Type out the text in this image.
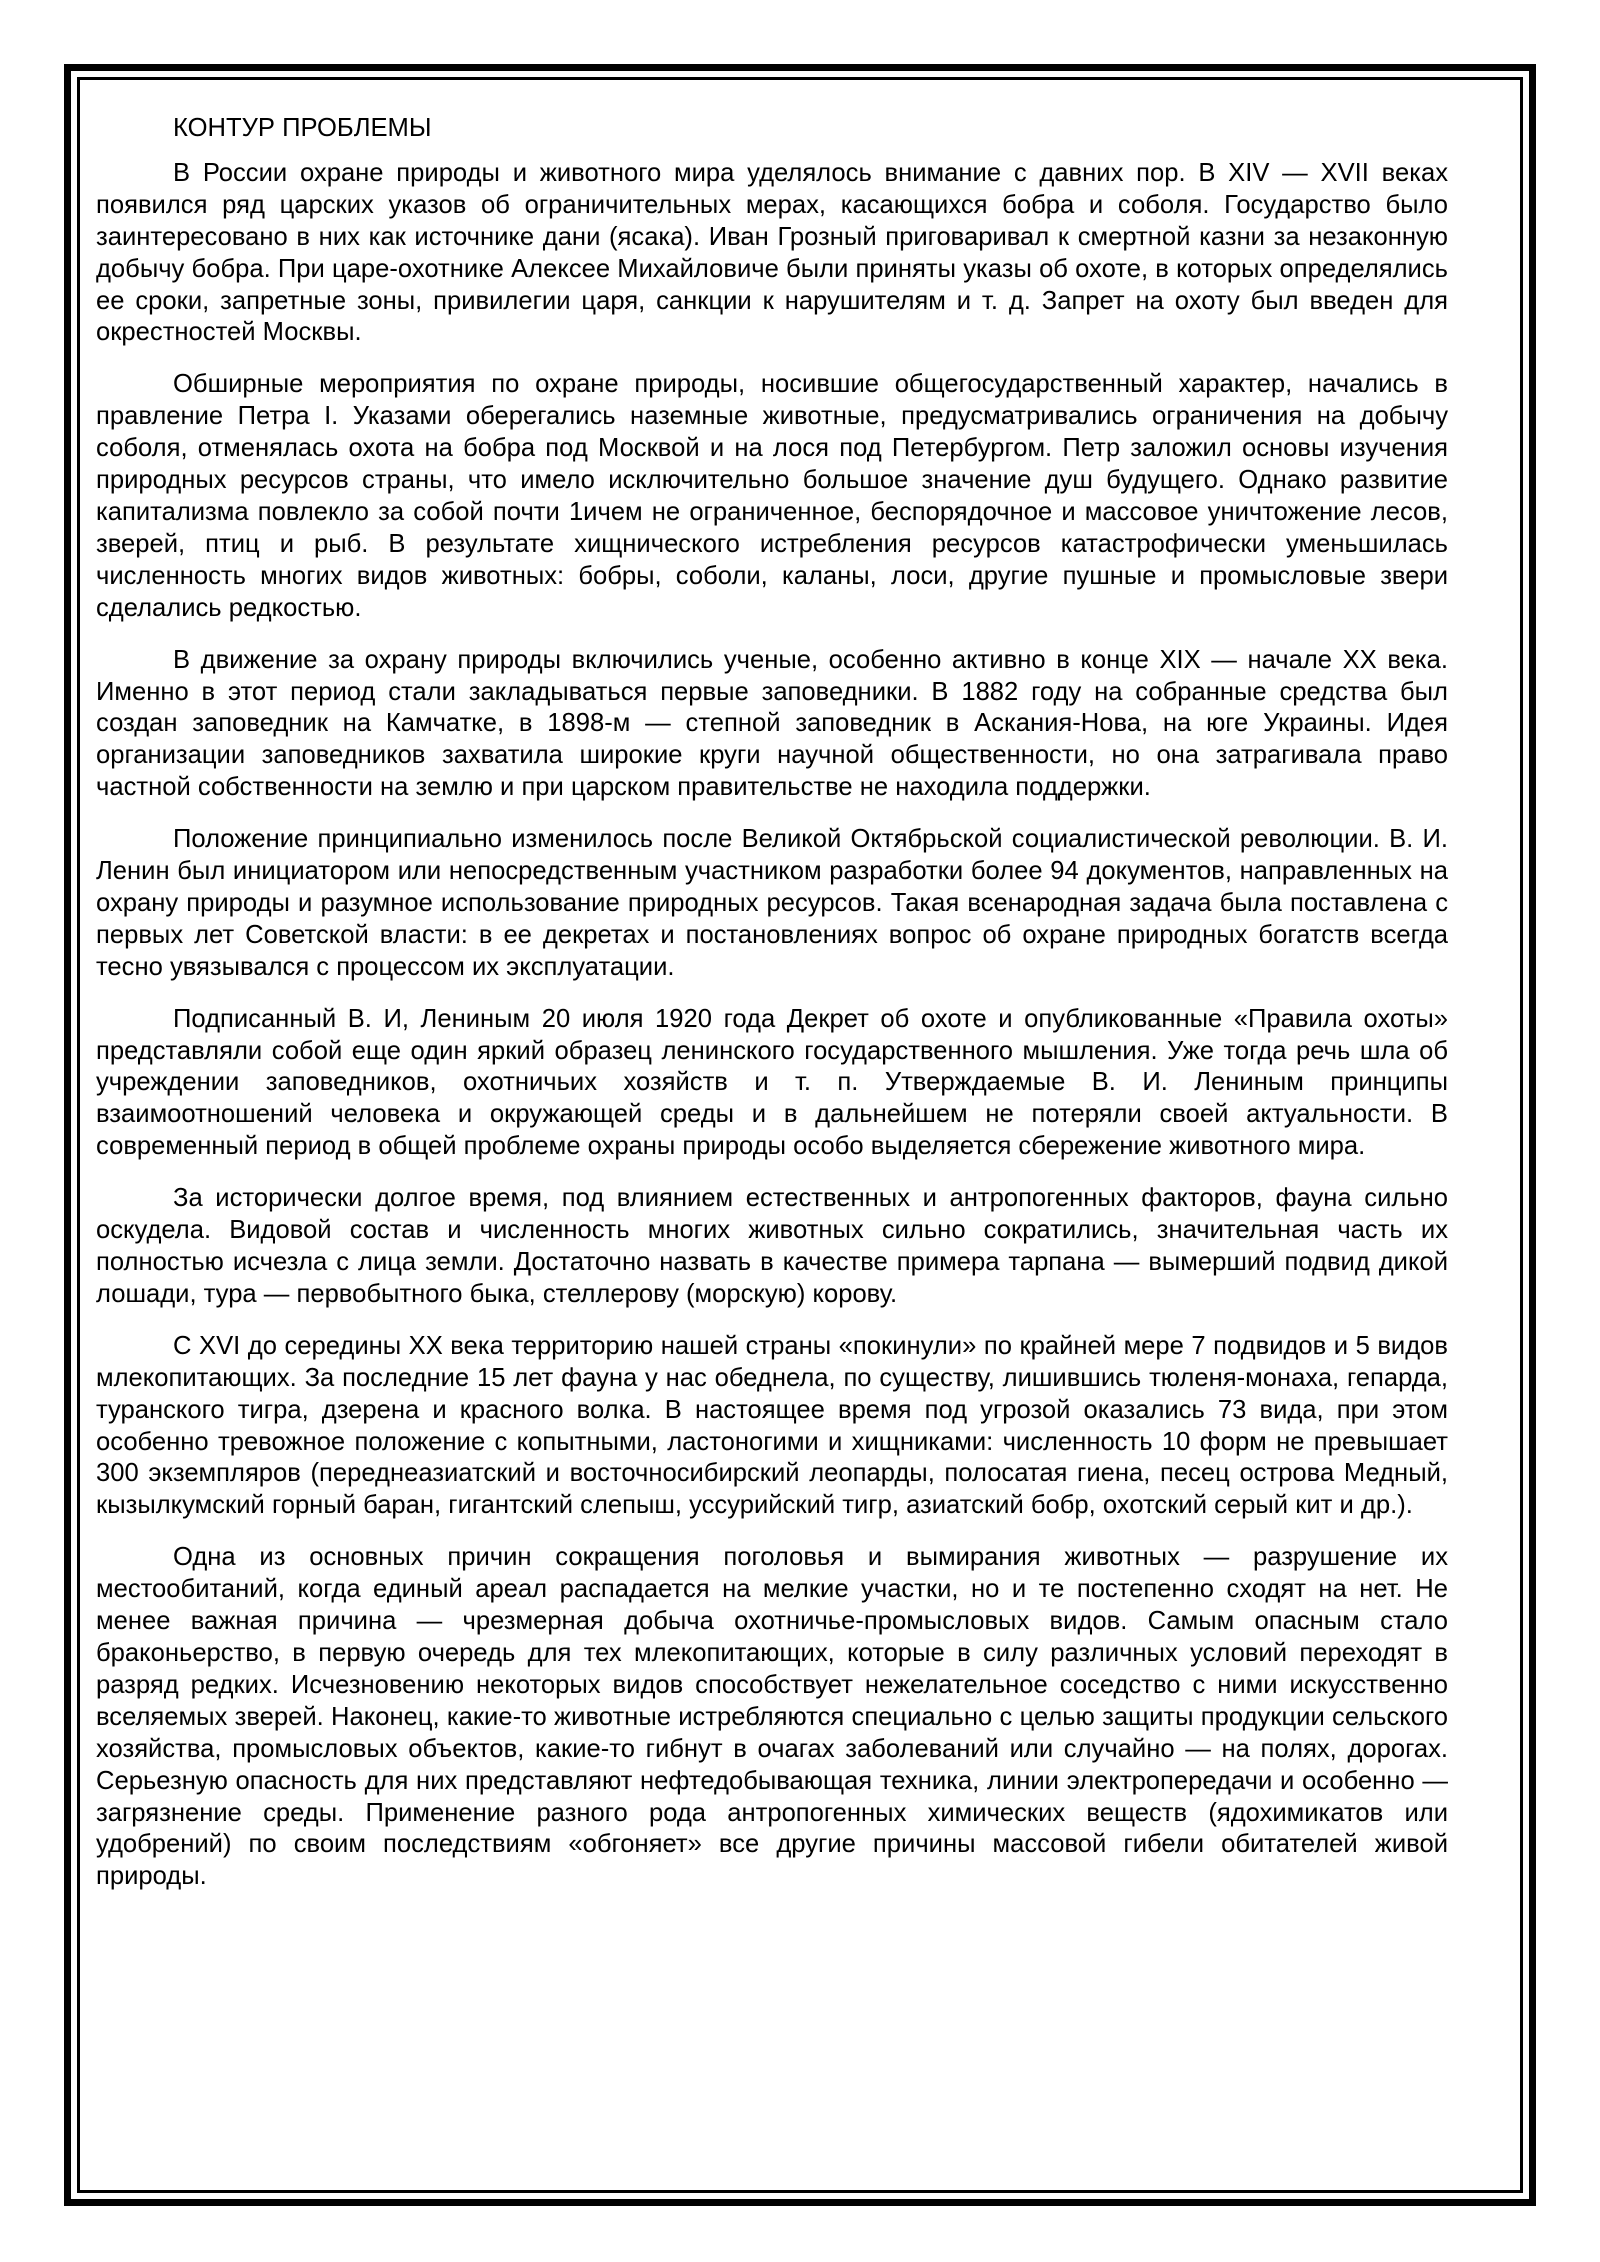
КОНТУР ПРОБЛЕМЫ

В России охране природы и животного мира уделялось внимание с давних пор. В XIV — XVII веках появился ряд царских указов об ограничительных мерах, касающихся бобра и соболя. Государство было заинтересовано в них как источнике дани (ясака). Иван Грозный приговаривал к смертной казни за незаконную добычу бобра. При царе-охотнике Алексее Михайловиче были приняты указы об охоте, в которых определялись ее сроки, запретные зоны, привилегии царя, санкции к нарушителям и т. д. Запрет на охоту был введен для окрестностей Москвы.

Обширные мероприятия по охране природы, носившие общегосударственный характер, начались в правление Петра I. Указами оберегались наземные животные, предусматривались ограничения на добычу соболя, отменялась охота на бобра под Москвой и на лося под Петербургом. Петр заложил основы изучения природных ресурсов страны, что имело исключительно большое значение душ будущего. Однако развитие капитализма повлекло за собой почти 1ичем не ограниченное, беспорядочное и массовое уничтожение лесов, зверей, птиц и рыб. В результате хищнического истребления ресурсов катастрофически уменьшилась численность многих видов животных: бобры, соболи, каланы, лоси, другие пушные и промысловые звери сделались редкостью.

В движение за охрану природы включились ученые, особенно активно в конце XIX — начале XX века. Именно в этот период стали закладываться первые заповедники. В 1882 году на собранные средства был создан заповедник на Камчатке, в 1898-м — степной заповедник в Аскания-Нова, на юге Украины. Идея организации заповедников захватила широкие круги научной общественности, но она затрагивала право частной собственности на землю и при царском правительстве не находила поддержки.

Положение принципиально изменилось после Великой Октябрьской социалистической революции. В. И. Ленин был инициатором или непосредственным участником разработки более 94 документов, направленных на охрану природы и разумное использование природных ресурсов. Такая всенародная задача была поставлена с первых лет Советской власти: в ее декретах и постановлениях вопрос об охране природных богатств всегда тесно увязывался с процессом их эксплуатации.

Подписанный В. И, Лениным 20 июля 1920 года Декрет об охоте и опубликованные «Правила охоты» представляли собой еще один яркий образец ленинского государственного мышления. Уже тогда речь шла об учреждении заповедников, охотничьих хозяйств и т. п. Утверждаемые В. И. Лениным принципы взаимоотношений человека и окружающей среды и в дальнейшем не потеряли своей актуальности. В современный период в общей проблеме охраны природы особо выделяется сбережение животного мира.

За исторически долгое время, под влиянием естественных и антропогенных факторов, фауна сильно оскудела. Видовой состав и численность многих животных сильно сократились, значительная часть их полностью исчезла с лица земли. Достаточно назвать в качестве примера тарпана — вымерший подвид дикой лошади, тура — первобытного быка, стеллерову (морскую) корову.

С XVI до середины XX века территорию нашей страны «покинули» по крайней мере 7 подвидов и 5 видов млекопитающих. За последние 15 лет фауна у нас обеднела, по существу, лишившись тюленя-монаха, гепарда, туранского тигра, дзерена и красного волка. В настоящее время под угрозой оказались 73 вида, при этом особенно тревожное положение с копытными, ластоногими и хищниками: численность 10 форм не превышает 300 экземпляров (переднеазиатский и восточносибирский леопарды, полосатая гиена, песец острова Медный, кызылкумский горный баран, гигантский слепыш, уссурийский тигр, азиатский бобр, охотский серый кит и др.).

Одна из основных причин сокращения поголовья и вымирания животных — разрушение их местообитаний, когда единый ареал распадается на мелкие участки, но и те постепенно сходят на нет. Не менее важная причина — чрезмерная добыча охотничье-промысловых видов. Самым опасным стало браконьерство, в первую очередь для тех млекопитающих, которые в силу различных условий переходят в разряд редких. Исчезновению некоторых видов способствует нежелательное соседство с ними искусственно вселяемых зверей. Наконец, какие-то животные истребляются специально с целью защиты продукции сельского хозяйства, промысловых объектов, какие-то гибнут в очагах заболеваний или случайно — на полях, дорогах. Серьезную опасность для них представляют нефтедобывающая техника, линии электропередачи и особенно — загрязнение среды. Применение разного рода антропогенных химических веществ (ядохимикатов или удобрений) по своим последствиям «обгоняет» все другие причины массовой гибели обитателей живой природы.
